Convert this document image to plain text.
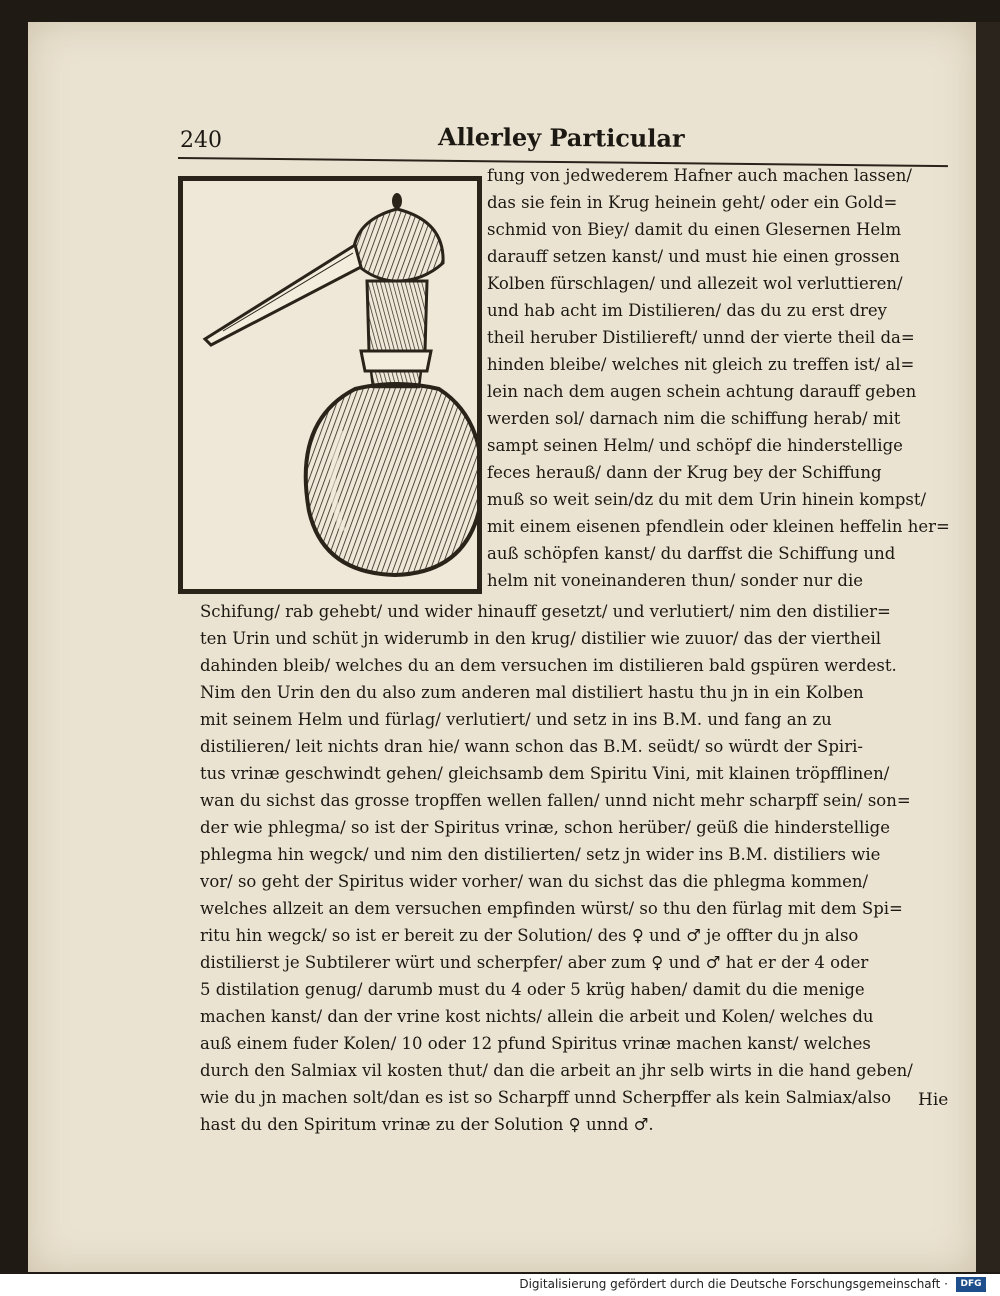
240	Allerley Particular
fung von jedwederem Hafner auch machen lassen/
das sie fein in Krug heinein geht/ oder ein Gold=
schmid von Biey/ damit du einen Glesernen Helm
darauff setzen kanst/ und must hie einen grossen
Kolben fürschlagen/ und allezeit wol verluttieren/
und hab acht im Distilieren/ das du zu erst drey
theil heruber Distiliereft/ unnd der vierte theil da=
hinden bleibe/ welches nit gleich zu treffen ist/ al=
lein nach dem augen schein achtung darauff geben
werden sol/ darnach nim die schiffung herab/ mit
sampt seinen Helm/ und schöpf die hinderstellige
feces herauß/ dann der Krug bey der Schiffung
muß so weit sein/dz du mit dem Urin hinein kompst/
mit einem eisenen pfendlein oder kleinen heffelin her=
auß schöpfen kanst/ du darffst die Schiffung und
helm nit voneinanderen thun/ sonder nur die
Schifung/ rab gehebt/ und wider hinauff gesetzt/ und verlutiert/ nim den distilier=
ten Urin und schüt jn widerumb in den krug/ distilier wie zuuor/ das der viertheil
dahinden bleib/ welches du an dem versuchen im distilieren bald gspüren werdest.
Nim den Urin den du also zum anderen mal distiliert hastu thu jn in ein Kolben
mit seinem Helm und fürlag/ verlutiert/ und setz in ins B.M. und fang an zu
distilieren/ leit nichts dran hie/ wann schon das B.M. seüdt/ so würdt der Spiri-
tus vrinæ geschwindt gehen/ gleichsamb dem Spiritu Vini, mit klainen tröpfflinen/
wan du sichst das grosse tropffen wellen fallen/ unnd nicht mehr scharpff sein/ son=
der wie phlegma/ so ist der Spiritus vrinæ, schon herüber/ geüß die hinderstellige
phlegma hin wegck/ und nim den distilierten/ setz jn wider ins B.M. distiliers wie
vor/ so geht der Spiritus wider vorher/ wan du sichst das die phlegma kommen/
welches allzeit an dem versuchen empfinden würst/ so thu den fürlag mit dem Spi=
ritu hin wegck/ so ist er bereit zu der Solution/ des ♀ und ♂ je offter du jn also
distilierst je Subtilerer würt und scherpfer/ aber zum ♀ und ♂ hat er der 4 oder
5 distilation genug/ darumb must du 4 oder 5 krüg haben/ damit du die menige
machen kanst/ dan der vrine kost nichts/ allein die arbeit und Kolen/ welches du
auß einem fuder Kolen/ 10 oder 12 pfund Spiritus vrinæ machen kanst/ welches
durch den Salmiax vil kosten thut/ dan die arbeit an jhr selb wirts in die hand geben/
wie du jn machen solt/dan es ist so Scharpff unnd Scherpffer als kein Salmiax/also
hast du den Spiritum vrinæ zu der Solution ♀ unnd ♂.
Hie
Digitalisierung gefördert durch die Deutsche Forschungsgemeinschaft ·	DFG
